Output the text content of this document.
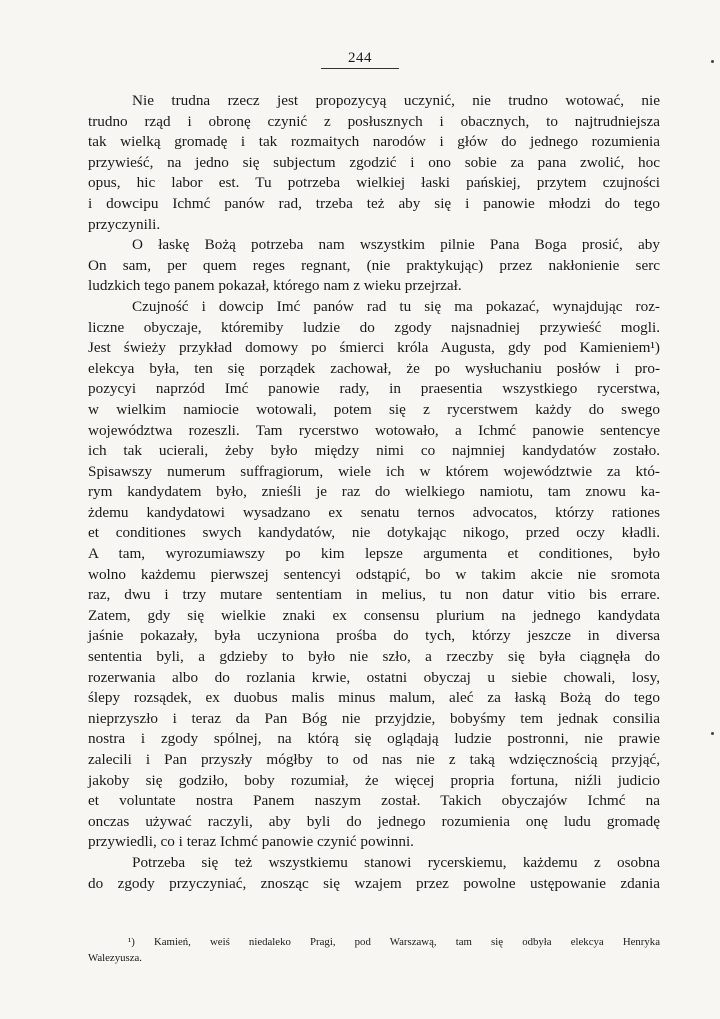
244

Nie trudna rzecz jest propozycyą uczynić, nie trudno wotować, nie
trudno rząd i obronę czynić z posłusznych i obacznych, to najtrudniejsza
tak wielką gromadę i tak rozmaitych narodów i głów do jednego rozumienia
przywieść, na jedno się subjectum zgodzić i ono sobie za pana zwolić, hoc
opus, hic labor est. Tu potrzeba wielkiej łaski pańskiej, przytem czujności
i dowcipu Ichmć panów rad, trzeba też aby się i panowie młodzi do tego
przyczynili.

O łaskę Bożą potrzeba nam wszystkim pilnie Pana Boga prosić, aby
On sam, per quem reges regnant, (nie praktykując) przez nakłonienie serc
ludzkich tego panem pokazał, którego nam z wieku przejrzał.

Czujność i dowcip Imć panów rad tu się ma pokazać, wynajdując roz-
liczne obyczaje, któremiby ludzie do zgody najsnadniej przywieść mogli.
Jest świeży przykład domowy po śmierci króla Augusta, gdy pod Kamieniem¹)
elekcya była, ten się porządek zachował, że po wysłuchaniu posłów i pro-
pozycyi naprzód Imć panowie rady, in praesentia wszystkiego rycerstwa,
w wielkim namiocie wotowali, potem się z rycerstwem każdy do swego
województwa rozeszli. Tam rycerstwo wotowało, a Ichmć panowie sentencye
ich tak ucierali, żeby było między nimi co najmniej kandydatów zostało.
Spisawszy numerum suffragiorum, wiele ich w którem województwie za któ-
rym kandydatem było, znieśli je raz do wielkiego namiotu, tam znowu ka-
żdemu kandydatowi wysadzano ex senatu ternos advocatos, którzy rationes
et conditiones swych kandydatów, nie dotykając nikogo, przed oczy kładli.
A tam, wyrozumiawszy po kim lepsze argumenta et conditiones, było
wolno każdemu pierwszej sentencyi odstąpić, bo w takim akcie nie sromota
raz, dwu i trzy mutare sententiam in melius, tu non datur vitio bis errare.
Zatem, gdy się wielkie znaki ex consensu plurium na jednego kandydata
jaśnie pokazały, była uczyniona prośba do tych, którzy jeszcze in diversa
sententia byli, a gdzieby to było nie szło, a rzeczby się była ciągnęła do
rozerwania albo do rozlania krwie, ostatni obyczaj u siebie chowali, losy,
ślepy rozsądek, ex duobus malis minus malum, aleć za łaską Bożą do tego
nieprzyszło i teraz da Pan Bóg nie przyjdzie, bobyśmy tem jednak consilia
nostra i zgody spólnej, na którą się oglądają ludzie postronni, nie prawie
zalecili i Pan przyszły mógłby to od nas nie z taką wdzięcznością przyjąć,
jakoby się godziło, boby rozumiał, że więcej propria fortuna, niźli judicio
et voluntate nostra Panem naszym został. Takich obyczajów Ichmć na
onczas używać raczyli, aby byli do jednego rozumienia onę ludu gromadę
przywiedli, co i teraz Ichmć panowie czynić powinni.

Potrzeba się też wszystkiemu stanowi rycerskiemu, każdemu z osobna
do zgody przyczyniać, znosząc się wzajem przez powolne ustępowanie zdania

¹) Kamień, weiś niedaleko Pragi, pod Warszawą, tam się odbyła elekcya Henryka
Walezyusza.
